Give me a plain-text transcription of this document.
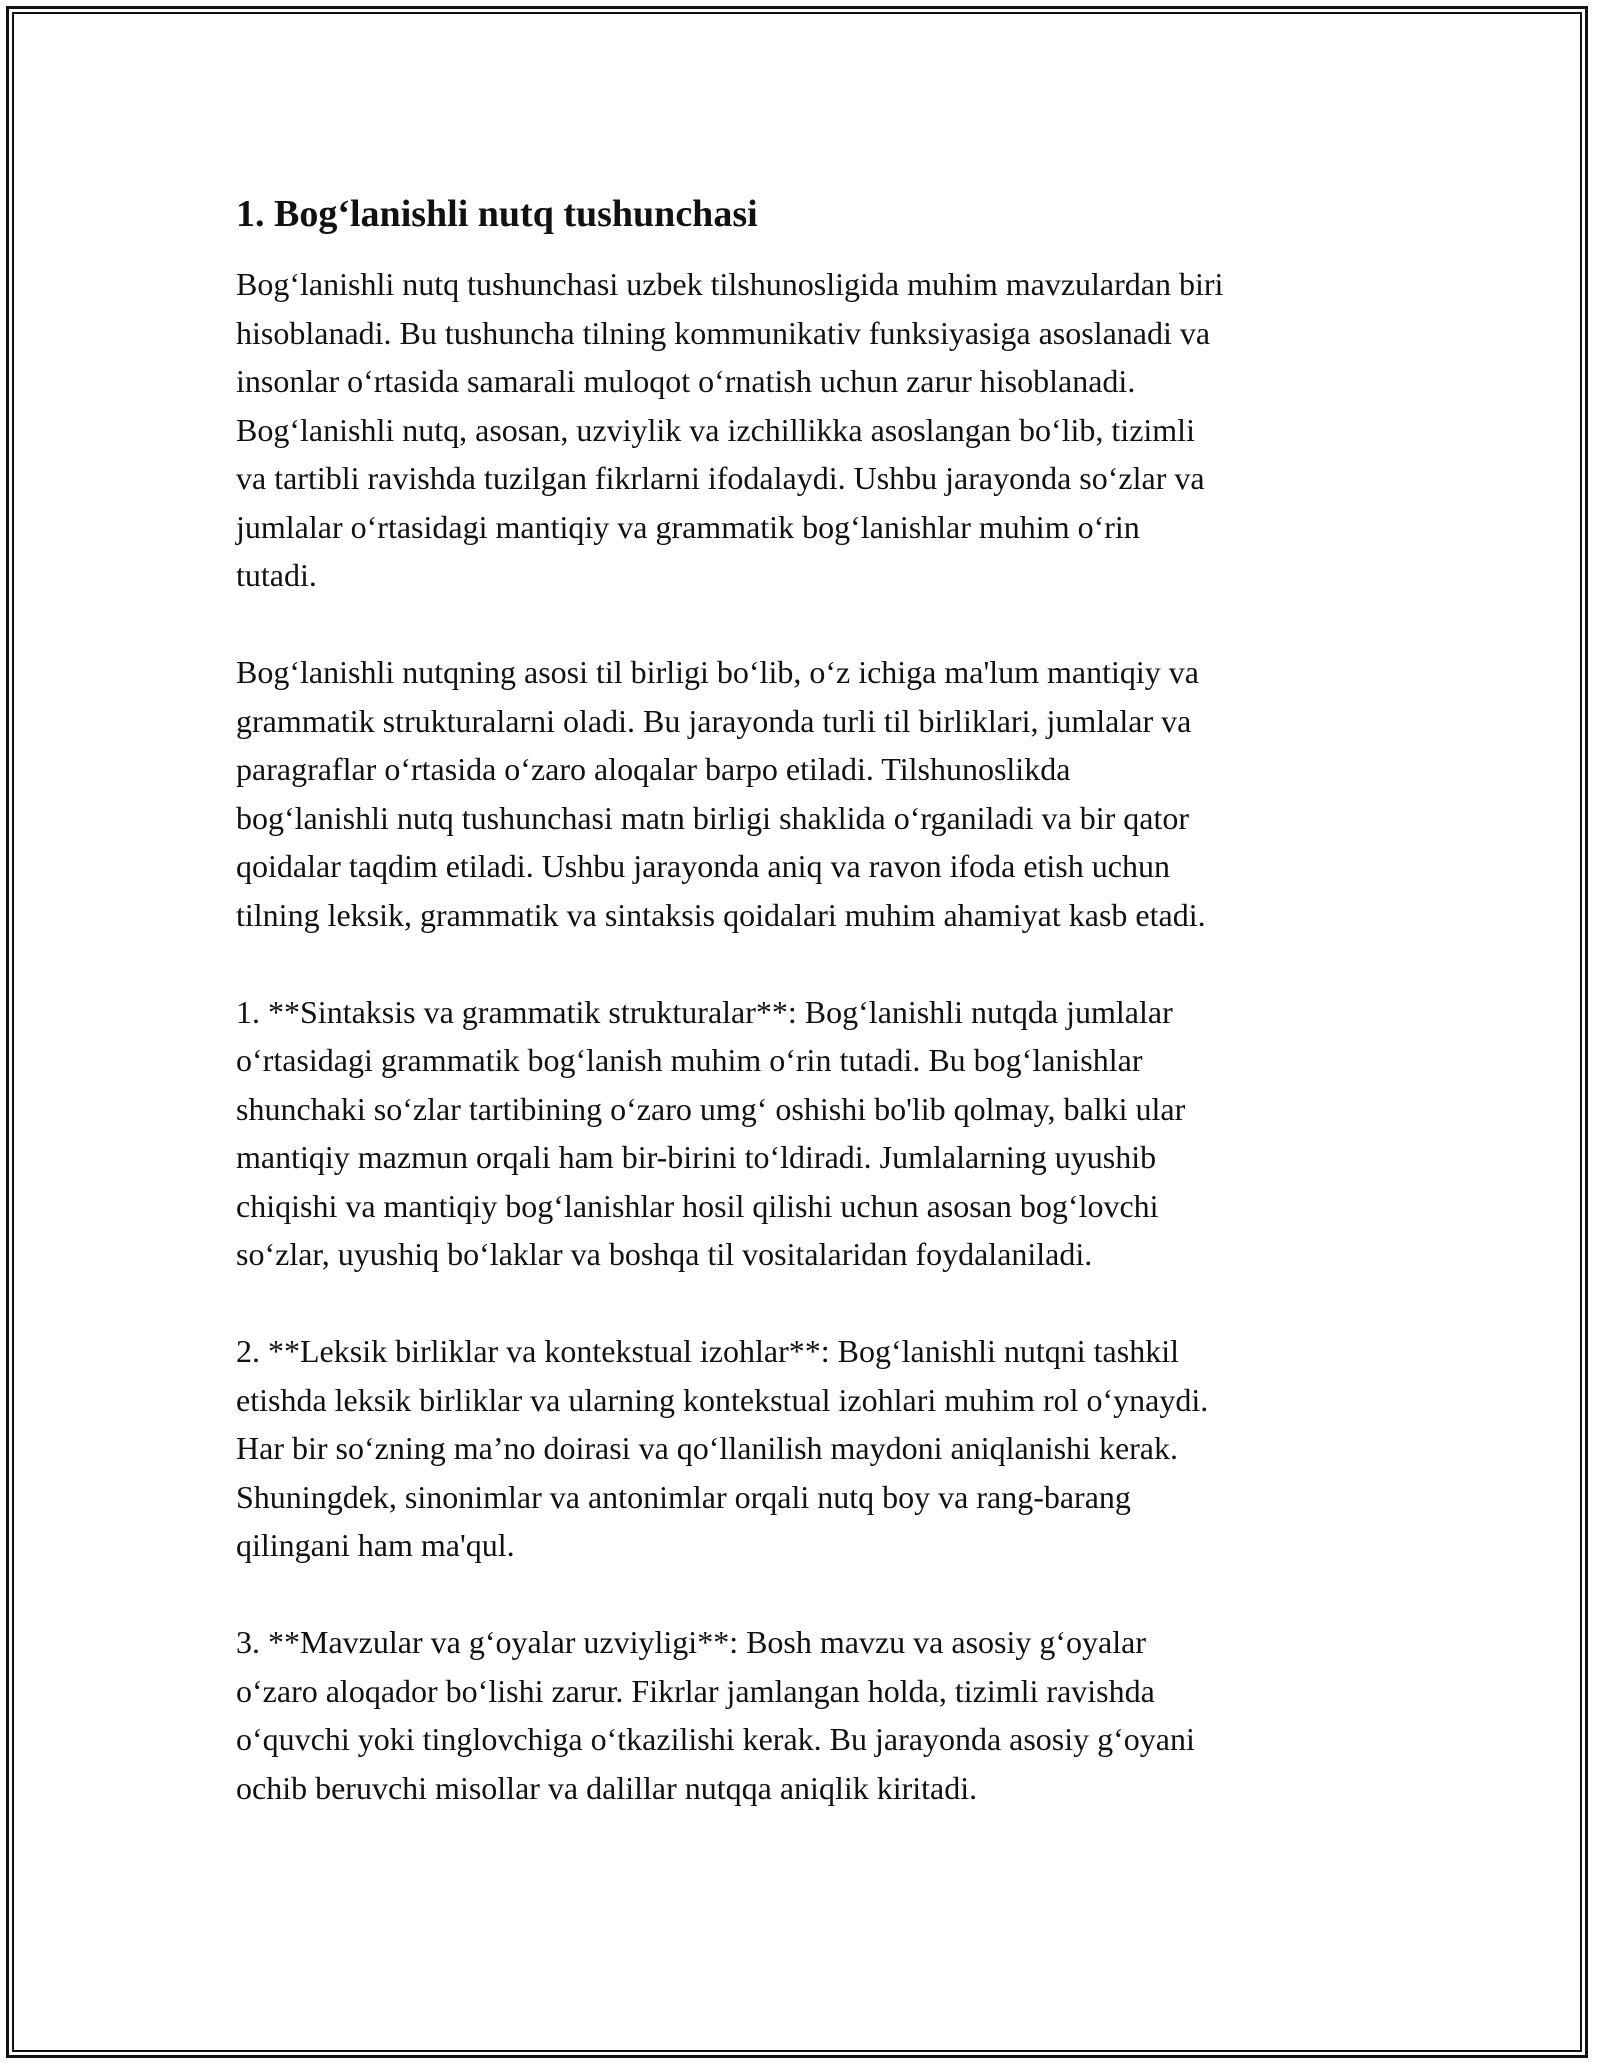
1. Bog‘lanishli nutq tushunchasi

Bog‘lanishli nutq tushunchasi uzbek tilshunosligida muhim mavzulardan biri
hisoblanadi. Bu tushuncha tilning kommunikativ funksiyasiga asoslanadi va
insonlar o‘rtasida samarali muloqot o‘rnatish uchun zarur hisoblanadi.
Bog‘lanishli nutq, asosan, uzviylik va izchillikka asoslangan bo‘lib, tizimli
va tartibli ravishda tuzilgan fikrlarni ifodalaydi. Ushbu jarayonda so‘zlar va
jumlalar o‘rtasidagi mantiqiy va grammatik bog‘lanishlar muhim o‘rin
tutadi.

Bog‘lanishli nutqning asosi til birligi bo‘lib, o‘z ichiga ma'lum mantiqiy va
grammatik strukturalarni oladi. Bu jarayonda turli til birliklari, jumlalar va
paragraflar o‘rtasida o‘zaro aloqalar barpo etiladi. Tilshunoslikda
bog‘lanishli nutq tushunchasi matn birligi shaklida o‘rganiladi va bir qator
qoidalar taqdim etiladi. Ushbu jarayonda aniq va ravon ifoda etish uchun
tilning leksik, grammatik va sintaksis qoidalari muhim ahamiyat kasb etadi.

1. **Sintaksis va grammatik strukturalar**: Bog‘lanishli nutqda jumlalar
o‘rtasidagi grammatik bog‘lanish muhim o‘rin tutadi. Bu bog‘lanishlar
shunchaki so‘zlar tartibining o‘zaro umg‘ oshishi bo'lib qolmay, balki ular
mantiqiy mazmun orqali ham bir-birini to‘ldiradi. Jumlalarning uyushib
chiqishi va mantiqiy bog‘lanishlar hosil qilishi uchun asosan bog‘lovchi
so‘zlar, uyushiq bo‘laklar va boshqa til vositalaridan foydalaniladi.

2. **Leksik birliklar va kontekstual izohlar**: Bog‘lanishli nutqni tashkil
etishda leksik birliklar va ularning kontekstual izohlari muhim rol o‘ynaydi.
Har bir so‘zning ma’no doirasi va qo‘llanilish maydoni aniqlanishi kerak.
Shuningdek, sinonimlar va antonimlar orqali nutq boy va rang-barang
qilingani ham ma'qul.

3. **Mavzular va g‘oyalar uzviyligi**: Bosh mavzu va asosiy g‘oyalar
o‘zaro aloqador bo‘lishi zarur. Fikrlar jamlangan holda, tizimli ravishda
o‘quvchi yoki tinglovchiga o‘tkazilishi kerak. Bu jarayonda asosiy g‘oyani
ochib beruvchi misollar va dalillar nutqqa aniqlik kiritadi.
